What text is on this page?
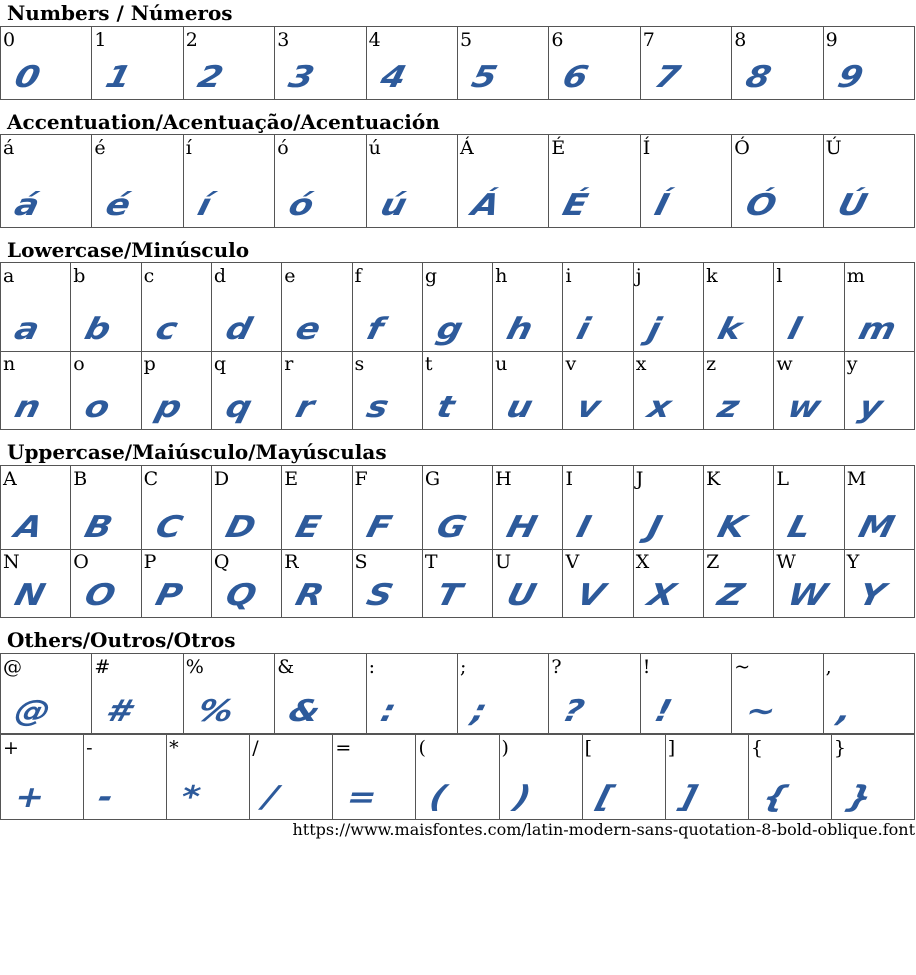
Numbers / Números
0
0
1
1
2
2
3
3
4
4
5
5
6
6
7
7
8
8
9
9
Accentuation/Acentuação/Acentuación
á
á
é
é
í
í
ó
ó
ú
ú
Á
Á
É
É
Í
Í
Ó
Ó
Ú
Ú
Lowercase/Minúsculo
a
a
b
b
c
c
d
d
e
e
f
f
g
g
h
h
i
i
j
j
k
k
l
l
m
m
n
n
o
o
p
p
q
q
r
r
s
s
t
t
u
u
v
v
x
x
z
z
w
w
y
y
Uppercase/Maiúsculo/Mayúsculas
A
A
B
B
C
C
D
D
E
E
F
F
G
G
H
H
I
I
J
J
K
K
L
L
M
M
N
N
O
O
P
P
Q
Q
R
R
S
S
T
T
U
U
V
V
X
X
Z
Z
W
W
Y
Y
Others/Outros/Otros
@
@
#
#
%
%
&
&
:
:
;
;
?
?
!
!
~
~
,
,
+
+
-
-
*
*
/
/
=
=
(
(
)
)
[
[
]
]
{
{
}
}
https://www.maisfontes.com/latin-modern-sans-quotation-8-bold-oblique.font
